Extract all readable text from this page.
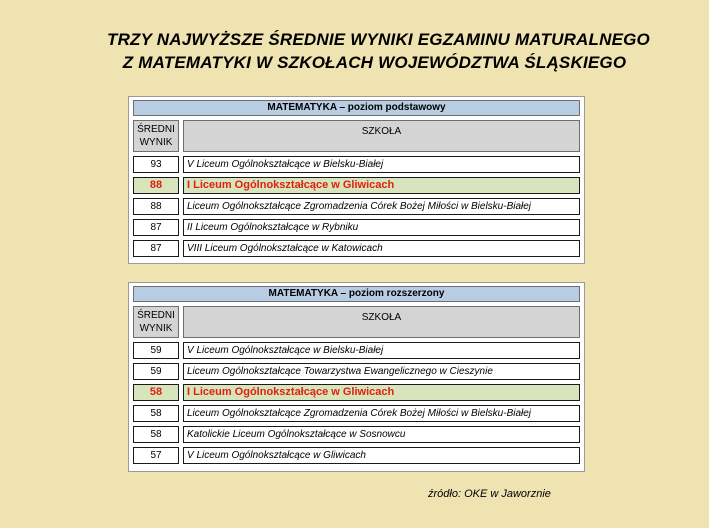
TRZY NAJWYŻSZE ŚREDNIE WYNIKI EGZAMINU MATURALNEGO
Z MATEMATYKI W SZKOŁACH WOJEWÓDZTWA ŚLĄSKIEGO
MATEMATYKA – poziom podstawowy
ŚREDNI
WYNIK
SZKOŁA
93	V Liceum Ogólnokształcące w Bielsku-Białej
88	I Liceum Ogólnokształcące w Gliwicach
88	Liceum Ogólnokształcące Zgromadzenia Córek Bożej Miłości w Bielsku-Białej
87	II Liceum Ogólnokształcące w Rybniku
87	VIII Liceum Ogólnokształcące w Katowicach
MATEMATYKA – poziom rozszerzony
ŚREDNI
WYNIK
SZKOŁA
59	V Liceum Ogólnokształcące w Bielsku-Białej
59	Liceum Ogólnokształcące Towarzystwa Ewangelicznego w Cieszynie
58	I Liceum Ogólnokształcące w Gliwicach
58	Liceum Ogólnokształcące Zgromadzenia Córek Bożej Miłości w Bielsku-Białej
58	Katolickie Liceum Ogólnokształcące w Sosnowcu
57	V Liceum Ogólnokształcące w Gliwicach
źródło: OKE w Jaworznie
